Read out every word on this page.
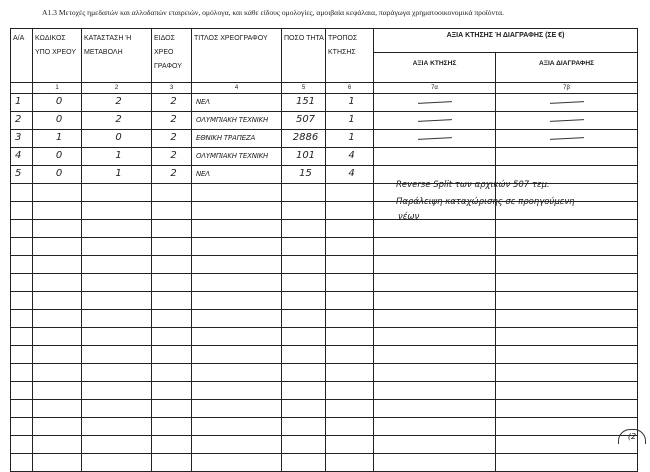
Α1.3 Μετοχές ημεδαπών και αλλοδαπών εταιρειών, ομόλογα, και κάθε είδους ομολογίες, αμοιβαία κεφάλαια, παράγωγα χρηματοοικονομικά προϊόντα.
Α/Α	ΚΩΔΙΚΟΣ ΥΠΟ ΧΡΕΟΥ	ΚΑΤΑΣΤΑΣΗ Ή ΜΕΤΑΒΟΛΗ	ΕΙΔΟΣ ΧΡΕΟ ΓΡΑΦΟΥ	ΤΙΤΛΟΣ ΧΡΕΟΓΡΑΦΟΥ	ΠΟΣΟ ΤΗΤΑ	ΤΡΟΠΟΣ ΚΤΗΣΗΣ	ΑΞΙΑ ΚΤΗΣΗΣ Ή ΔΙΑΓΡΑΦΗΣ (ΣΕ €)	
							ΑΞΙΑ ΚΤΗΣΗΣ	ΑΞΙΑ ΔΙΑΓΡΑΦΗΣ
	1	2	3	4	5	6	7α	7β
1	0	2	2	ΝΕΛ	151	1	

2	0	2	2	ΟΛΥΜΠΙΑΚΗ ΤΕΧΝΙΚΗ	507	1	

3	1	0	2	ΕΘΝΙΚΗ ΤΡΑΠΕΖΑ	2886	1	

4	0	1	2	ΟΛΥΜΠΙΑΚΗ ΤΕΧΝΙΚΗ	101	4		
5	0	1	2	ΝΕΛ	15	4		

Reverse Split των αρχικών 507 τεμ.
Παράλειψη καταχώρισης σε προηγούμενη
νέων
(2
